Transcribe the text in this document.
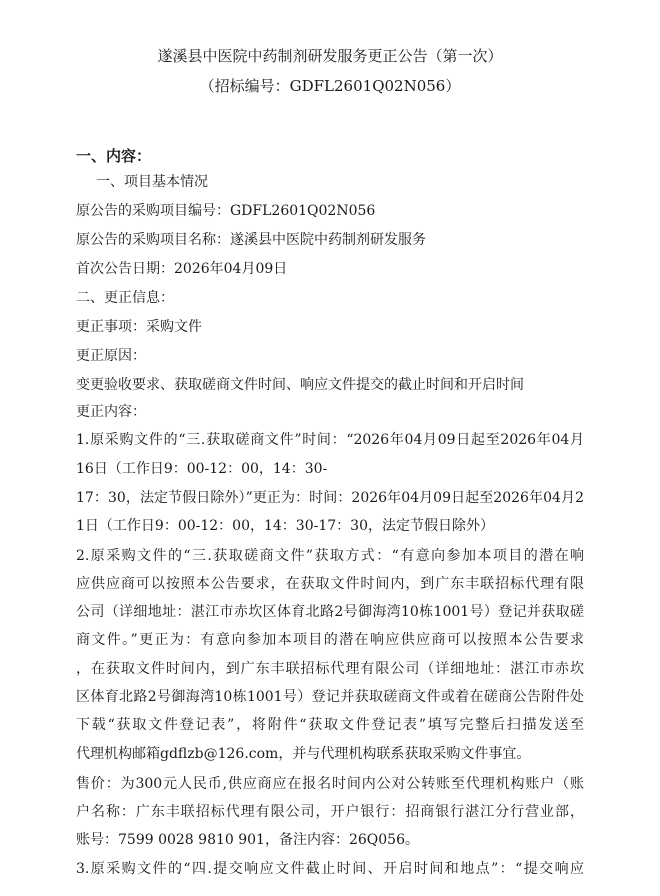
遂溪县中医院中药制剂研发服务更正公告（第一次）
（招标编号：GDFL2601Q02N056）
一、内容：
一、项目基本情况
原公告的采购项目编号：GDFL2601Q02N056
原公告的采购项目名称：遂溪县中医院中药制剂研发服务
首次公告日期：2026年04月09日
二、更正信息：
更正事项：采购文件
更正原因：
变更验收要求、获取磋商文件时间、响应文件提交的截止时间和开启时间
更正内容：
1.原采购文件的“三.获取磋商文件”时间：“2026年04月09日起至2026年04月
16日（工作日9：00-12：00，14：30-
17：30，法定节假日除外）”更正为：时间：2026年04月09日起至2026年04月2
1日（工作日9：00-12：00，14：30-17：30，法定节假日除外）
2.原采购文件的“三.获取磋商文件”获取方式：“有意向参加本项目的潜在响
应供应商可以按照本公告要求，在获取文件时间内，到广东丰联招标代理有限
公司（详细地址：湛江市赤坎区体育北路2号御海湾10栋1001号）登记并获取磋
商文件。”更正为：有意向参加本项目的潜在响应供应商可以按照本公告要求
，在获取文件时间内，到广东丰联招标代理有限公司（详细地址：湛江市赤坎
区体育北路2号御海湾10栋1001号）登记并获取磋商文件或着在磋商公告附件处
下载“获取文件登记表”，将附件“获取文件登记表”填写完整后扫描发送至
代理机构邮箱gdflzb@126.com，并与代理机构联系获取采购文件事宜。
售价：为300元人民币,供应商应在报名时间内公对公转账至代理机构账户（账
户名称：广东丰联招标代理有限公司，开户银行：招商银行湛江分行营业部，
账号：7599 0028 9810 901，备注内容：26Q056。
3.原采购文件的“四.提交响应文件截止时间、开启时间和地点”：“提交响应
